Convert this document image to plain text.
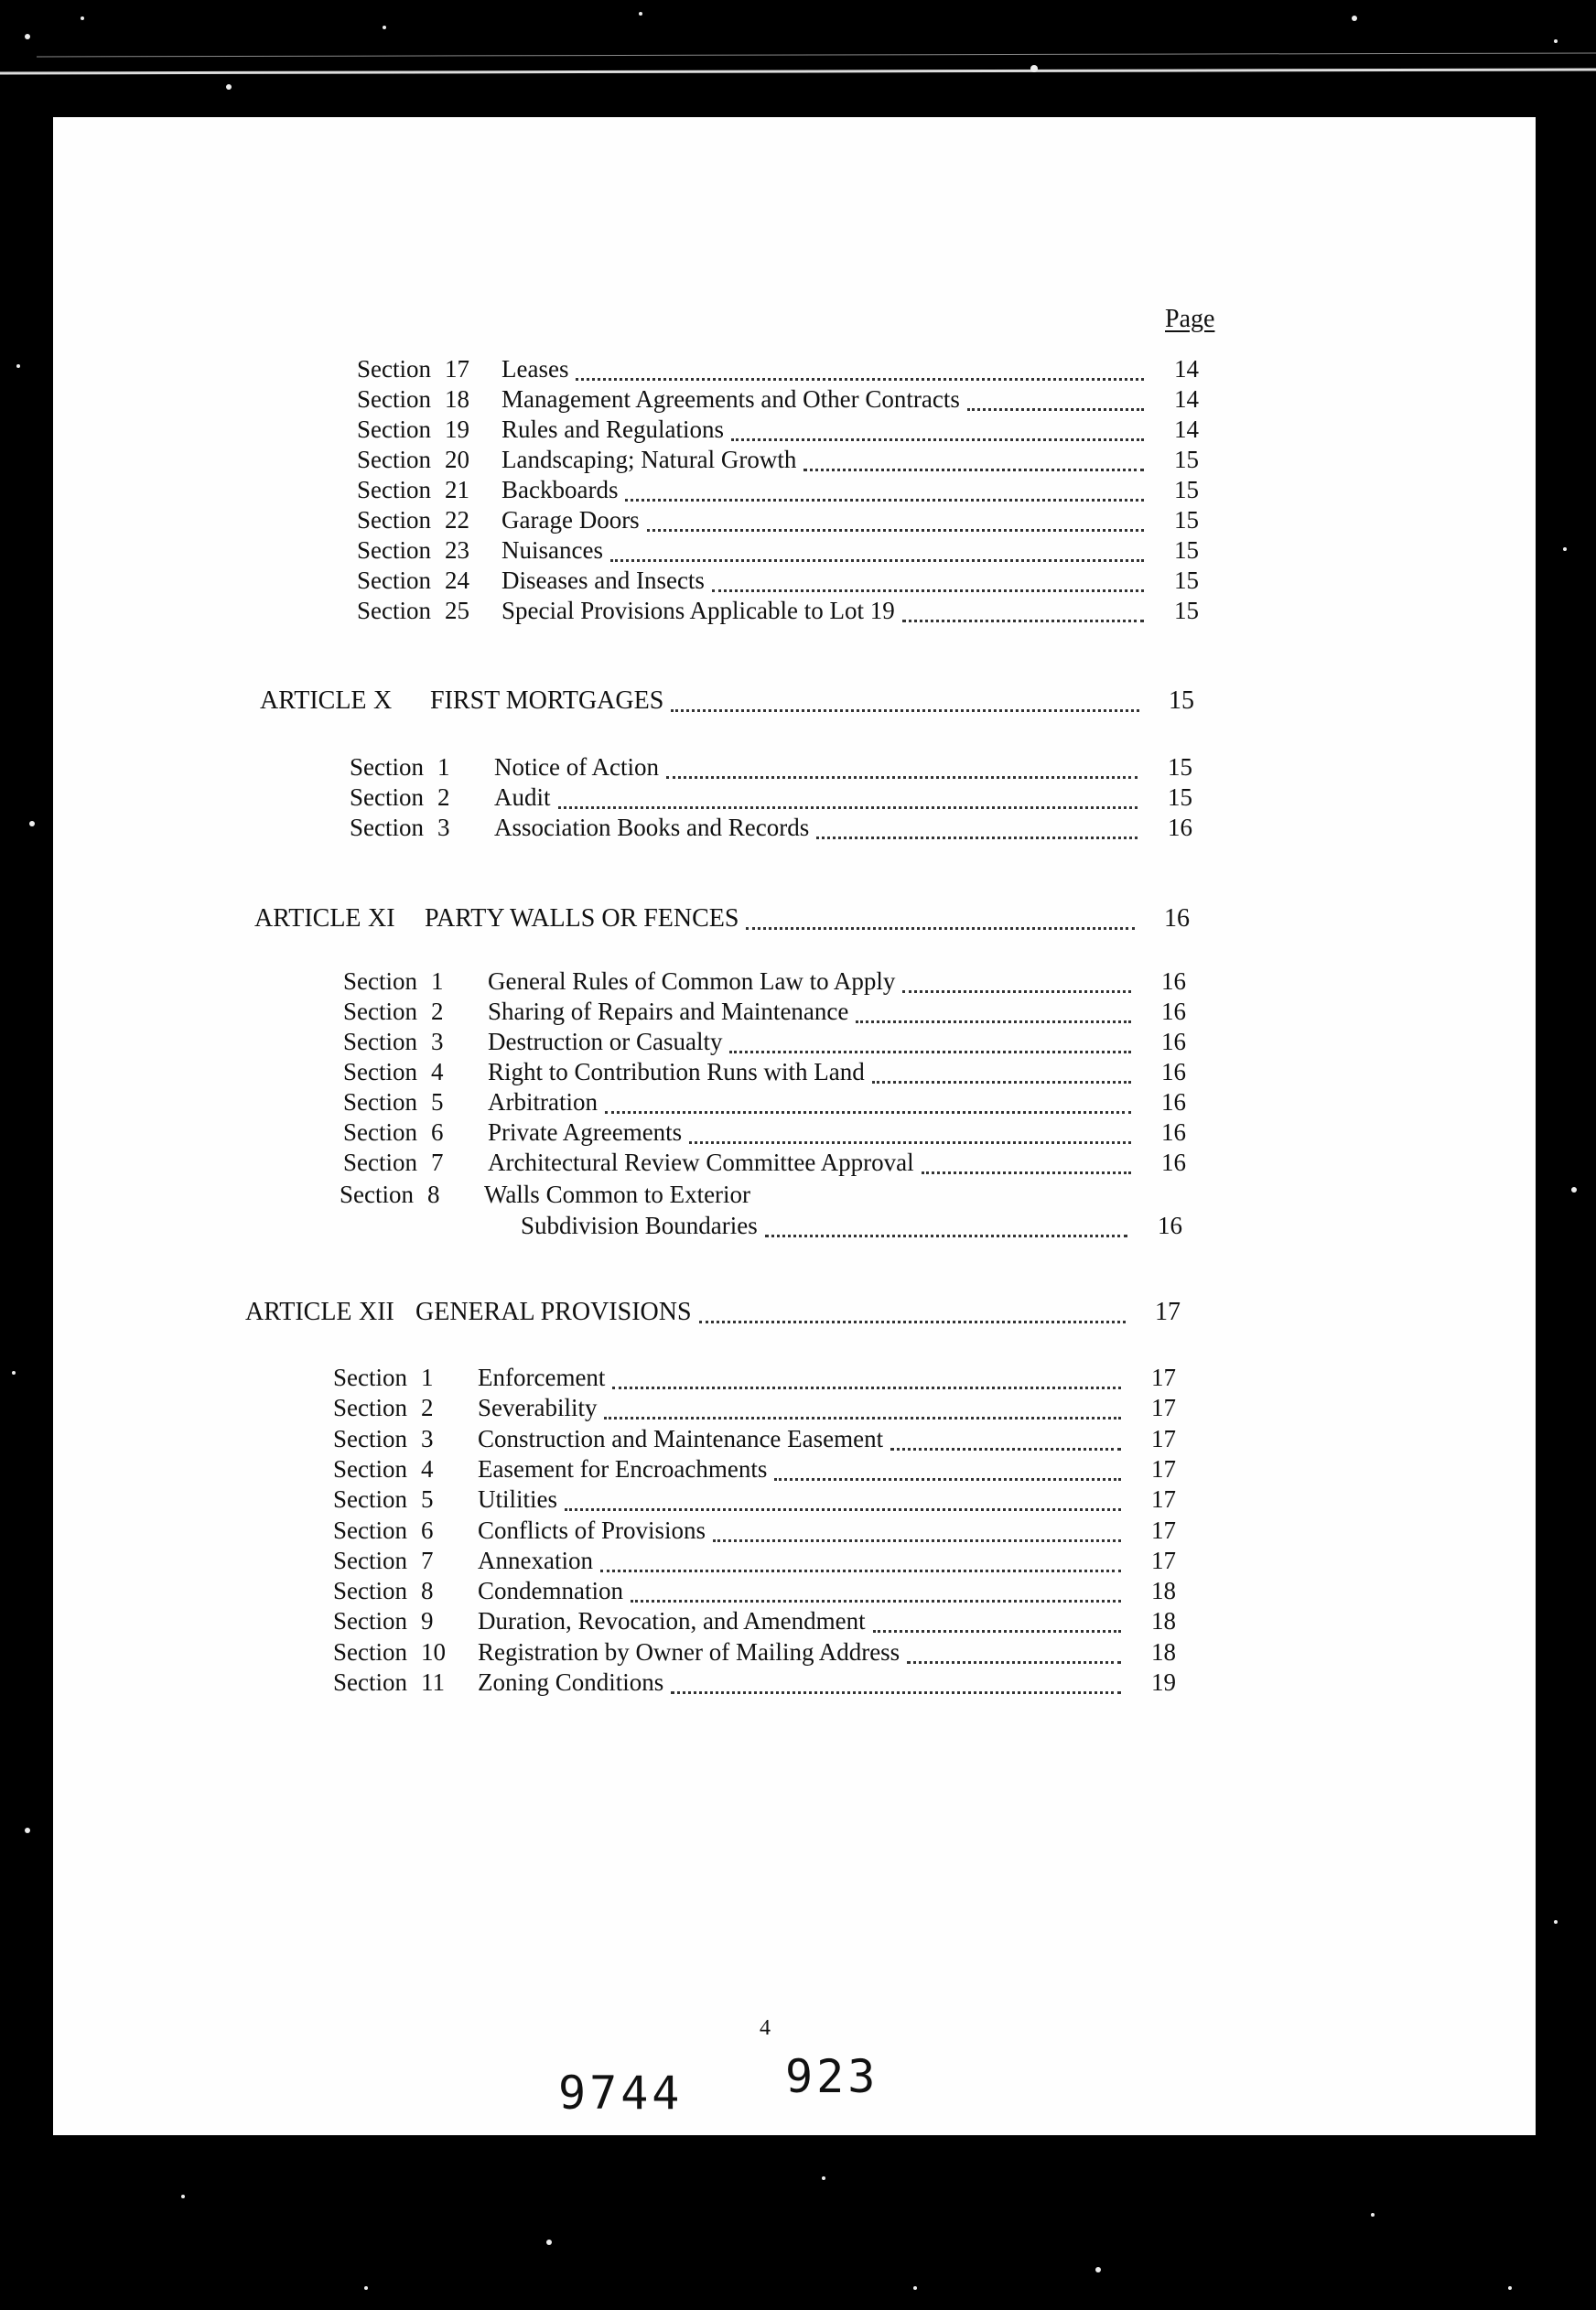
Page
Section 17	Leases	14
Section 18	Management Agreements and Other Contracts	14
Section 19	Rules and Regulations	14
Section 20	Landscaping; Natural Growth	15
Section 21	Backboards	15
Section 22	Garage Doors	15
Section 23	Nuisances	15
Section 24	Diseases and Insects	15
Section 25	Special Provisions Applicable to Lot 19	15
ARTICLE X	FIRST MORTGAGES	15
Section 1	Notice of Action	15
Section 2	Audit	15
Section 3	Association Books and Records	16
ARTICLE XI	PARTY WALLS OR FENCES	16
Section 1	General Rules of Common Law to Apply	16
Section 2	Sharing of Repairs and Maintenance	16
Section 3	Destruction or Casualty	16
Section 4	Right to Contribution Runs with Land	16
Section 5	Arbitration	16
Section 6	Private Agreements	16
Section 7	Architectural Review Committee Approval	16
Section 8	Walls Common to Exterior
Subdivision Boundaries	16
ARTICLE XII GENERAL PROVISIONS	17
Section 1	Enforcement	17
Section 2	Severability	17
Section 3	Construction and Maintenance Easement	17
Section 4	Easement for Encroachments	17
Section 5	Utilities	17
Section 6	Conflicts of Provisions	17
Section 7	Annexation	17
Section 8	Condemnation	18
Section 9	Duration, Revocation, and Amendment	18
Section 10	Registration by Owner of Mailing Address	18
Section 11	Zoning Conditions	19
4
9744 923
